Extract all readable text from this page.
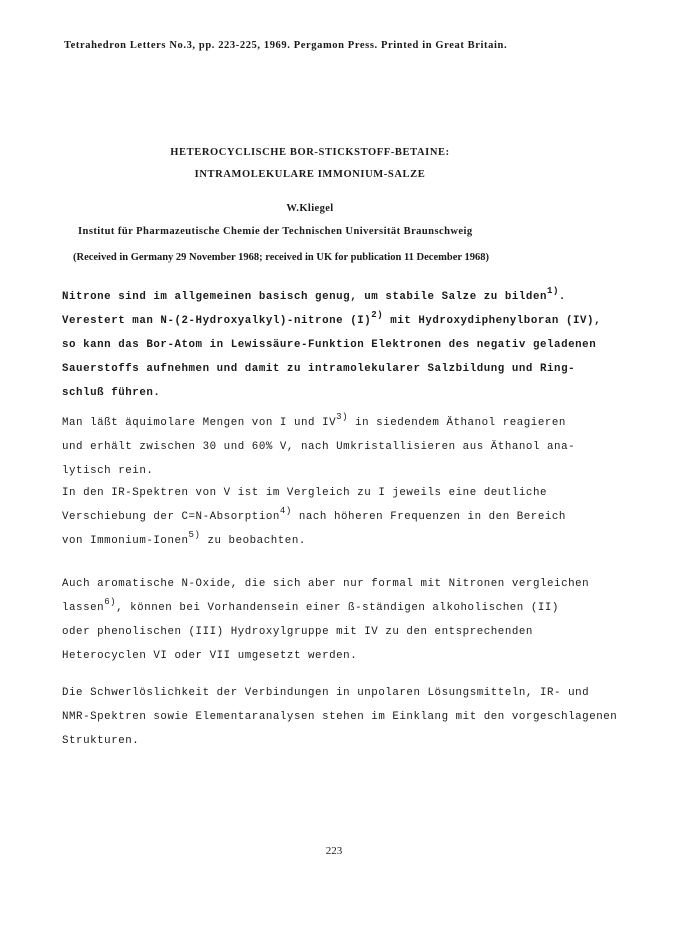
Tetrahedron Letters No.3, pp. 223-225, 1969. Pergamon Press. Printed in Great Britain.
HETEROCYCLISCHE BOR-STICKSTOFF-BETAINE:
INTRAMOLEKULARE IMMONIUM-SALZE
W.Kliegel
Institut für Pharmazeutische Chemie der Technischen Universität Braunschweig
(Received in Germany 29 November 1968; received in UK for publication 11 December 1968)
Nitrone sind im allgemeinen basisch genug, um stabile Salze zu bilden$^{1)}$.
Verestert man N-(2-Hydroxyalkyl)-nitrone $(I)^{2)}$ mit Hydroxydiphenylboran (IV),
so kann das Bor-Atom in Lewissäure-Funktion Elektronen des negativ geladenen
Sauerstoffs aufnehmen und damit zu intramolekularer Salzbildung und Ring-
schluß führen.
Man läßt äquimolare Mengen von I und IV$^{3)}$ in siedendem Äthanol reagieren
und erhält zwischen 30 und 60% V, nach Umkristallisieren aus Äthanol ana-
lytisch rein.
In den IR-Spektren von V ist im Vergleich zu I jeweils eine deutliche
Verschiebung der C=N-Absorption$^{4)}$ nach höheren Frequenzen in den Bereich
von Immonium-Ionen$^{5)}$ zu beobachten.
Auch aromatische N-Oxide, die sich aber nur formal mit Nitronen vergleichen
lassen$^{6)}$, können bei Vorhandensein einer ß-ständigen alkoholischen (II)
oder phenolischen (III) Hydroxylgruppe mit IV zu den entsprechenden
Heterocyclen VI oder VII umgesetzt werden.
Die Schwerlöslichkeit der Verbindungen in unpolaren Lösungsmitteln, IR- und
NMR-Spektren sowie Elementaranalysen stehen im Einklang mit den vorgeschlagenen
Strukturen.
223
